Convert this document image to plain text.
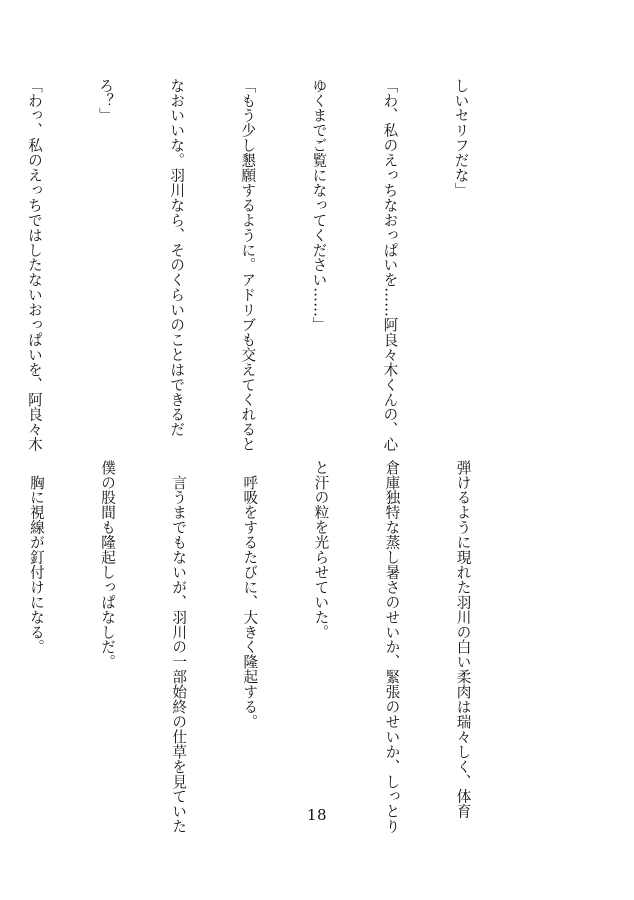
しいセリフだな」

「わ、私のえっちなおっぱいを……阿良々木くんの、心

ゆくまでご覧になってください……」

「もう少し懇願するように。アドリブも交えてくれると

なおいいな。羽川なら、そのくらいのことはできるだ

ろ？」

「わっ、私のえっちではしたないおっぱいを、阿良々木

弾けるように現れた羽川の白い柔肉は瑞々しく、体育

倉庫独特な蒸し暑さのせいか、緊張のせいか、しっとり

と汗の粒を光らせていた。

　呼吸をするたびに、大きく隆起する。

　言うまでもないが、羽川の一部始終の仕草を見ていた

僕の股間も隆起しっぱなしだ。

　胸に視線が釘付けになる。

18
